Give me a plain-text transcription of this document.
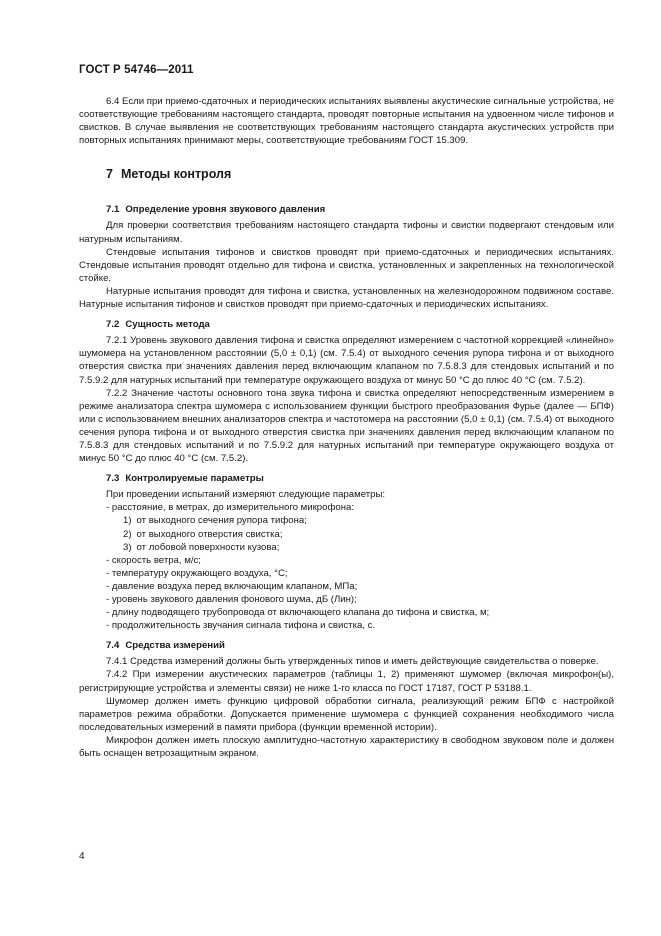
ГОСТ Р 54746—2011

6.4 Если при приемо-сдаточных и периодических испытаниях выявлены акустические сигнальные устройства, не соответствующие требованиям настоящего стандарта, проводят повторные испытания на удвоенном числе тифонов и свистков. В случае выявления не соответствующих требованиям настоящего стандарта акустических устройств при повторных испытаниях принимают меры, соответствующие требованиям ГОСТ 15.309.

7 Методы контроля
7.1 Определение уровня звукового давления

Для проверки соответствия требованиям настоящего стандарта тифоны и свистки подвергают стендовым или натурным испытаниям.

Стендовые испытания тифонов и свистков проводят при приемо-сдаточных и периодических испытаниях. Стендовые испытания проводят отдельно для тифона и свистка, установленных и закрепленных на технологической стойке.

Натурные испытания проводят для тифона и свистка, установленных на железнодорожном подвижном составе. Натурные испытания тифонов и свистков проводят при приемо-сдаточных и периодических испытаниях.

7.2 Сущность метода

7.2.1 Уровень звукового давления тифона и свистка определяют измерением с частотной коррекцией «линейно» шумомера на установленном расстоянии (5,0 ± 0,1) (см. 7.5.4) от выходного сечения рупора тифона и от выходного отверстия свистка при значениях давления перед включающим клапаном по 7.5.8.3 для стендовых испытаний и по 7.5.9.2 для натурных испытаний при температуре окружающего воздуха от минус 50 °С до плюс 40 °С (см. 7.5.2).

7.2.2 Значение частоты основного тона звука тифона и свистка определяют непосредственным измерением в режиме анализатора спектра шумомера с использованием функции быстрого преобразования Фурье (далее — БПФ) или с использованием внешних анализаторов спектра и частотомера на расстоянии (5,0 ± 0,1) (см. 7.5.4) от выходного сечения рупора тифона и от выходного отверстия свистка при значениях давления перед включающим клапаном по 7.5.8.3 для стендовых испытаний и по 7.5.9.2 для натурных испытаний при температуре окружающего воздуха от минус 50 °С до плюс 40 °С (см. 7.5.2).

7.3 Контролируемые параметры

При проведении испытаний измеряют следующие параметры:

- расстояние, в метрах, до измерительного микрофона:

1) от выходного сечения рупора тифона;

2) от выходного отверстия свистка;

3) от лобовой поверхности кузова;

- скорость ветра, м/с;

- температуру окружающего воздуха, °С;

- давление воздуха перед включающим клапаном, МПа;

- уровень звукового давления фонового шума, дБ (Лин);

- длину подводящего трубопровода от включающего клапана до тифона и свистка, м;

- продолжительность звучания сигнала тифона и свистка, с.

7.4 Средства измерений

7.4.1 Средства измерений должны быть утвержденных типов и иметь действующие свидетельства о поверке.

7.4.2 При измерении акустических параметров (таблицы 1, 2) применяют шумомер (включая микрофон(ы), регистрирующие устройства и элементы связи) не ниже 1-го класса по ГОСТ 17187, ГОСТ Р 53188.1.

Шумомер должен иметь функцию цифровой обработки сигнала, реализующий режим БПФ с настройкой параметров режима обработки. Допускается применение шумомера с функцией сохранения необходимого числа последовательных измерений в памяти прибора (функции временной истории).

Микрофон должен иметь плоскую амплитудно-частотную характеристику в свободном звуковом поле и должен быть оснащен ветрозащитным экраном.

4
